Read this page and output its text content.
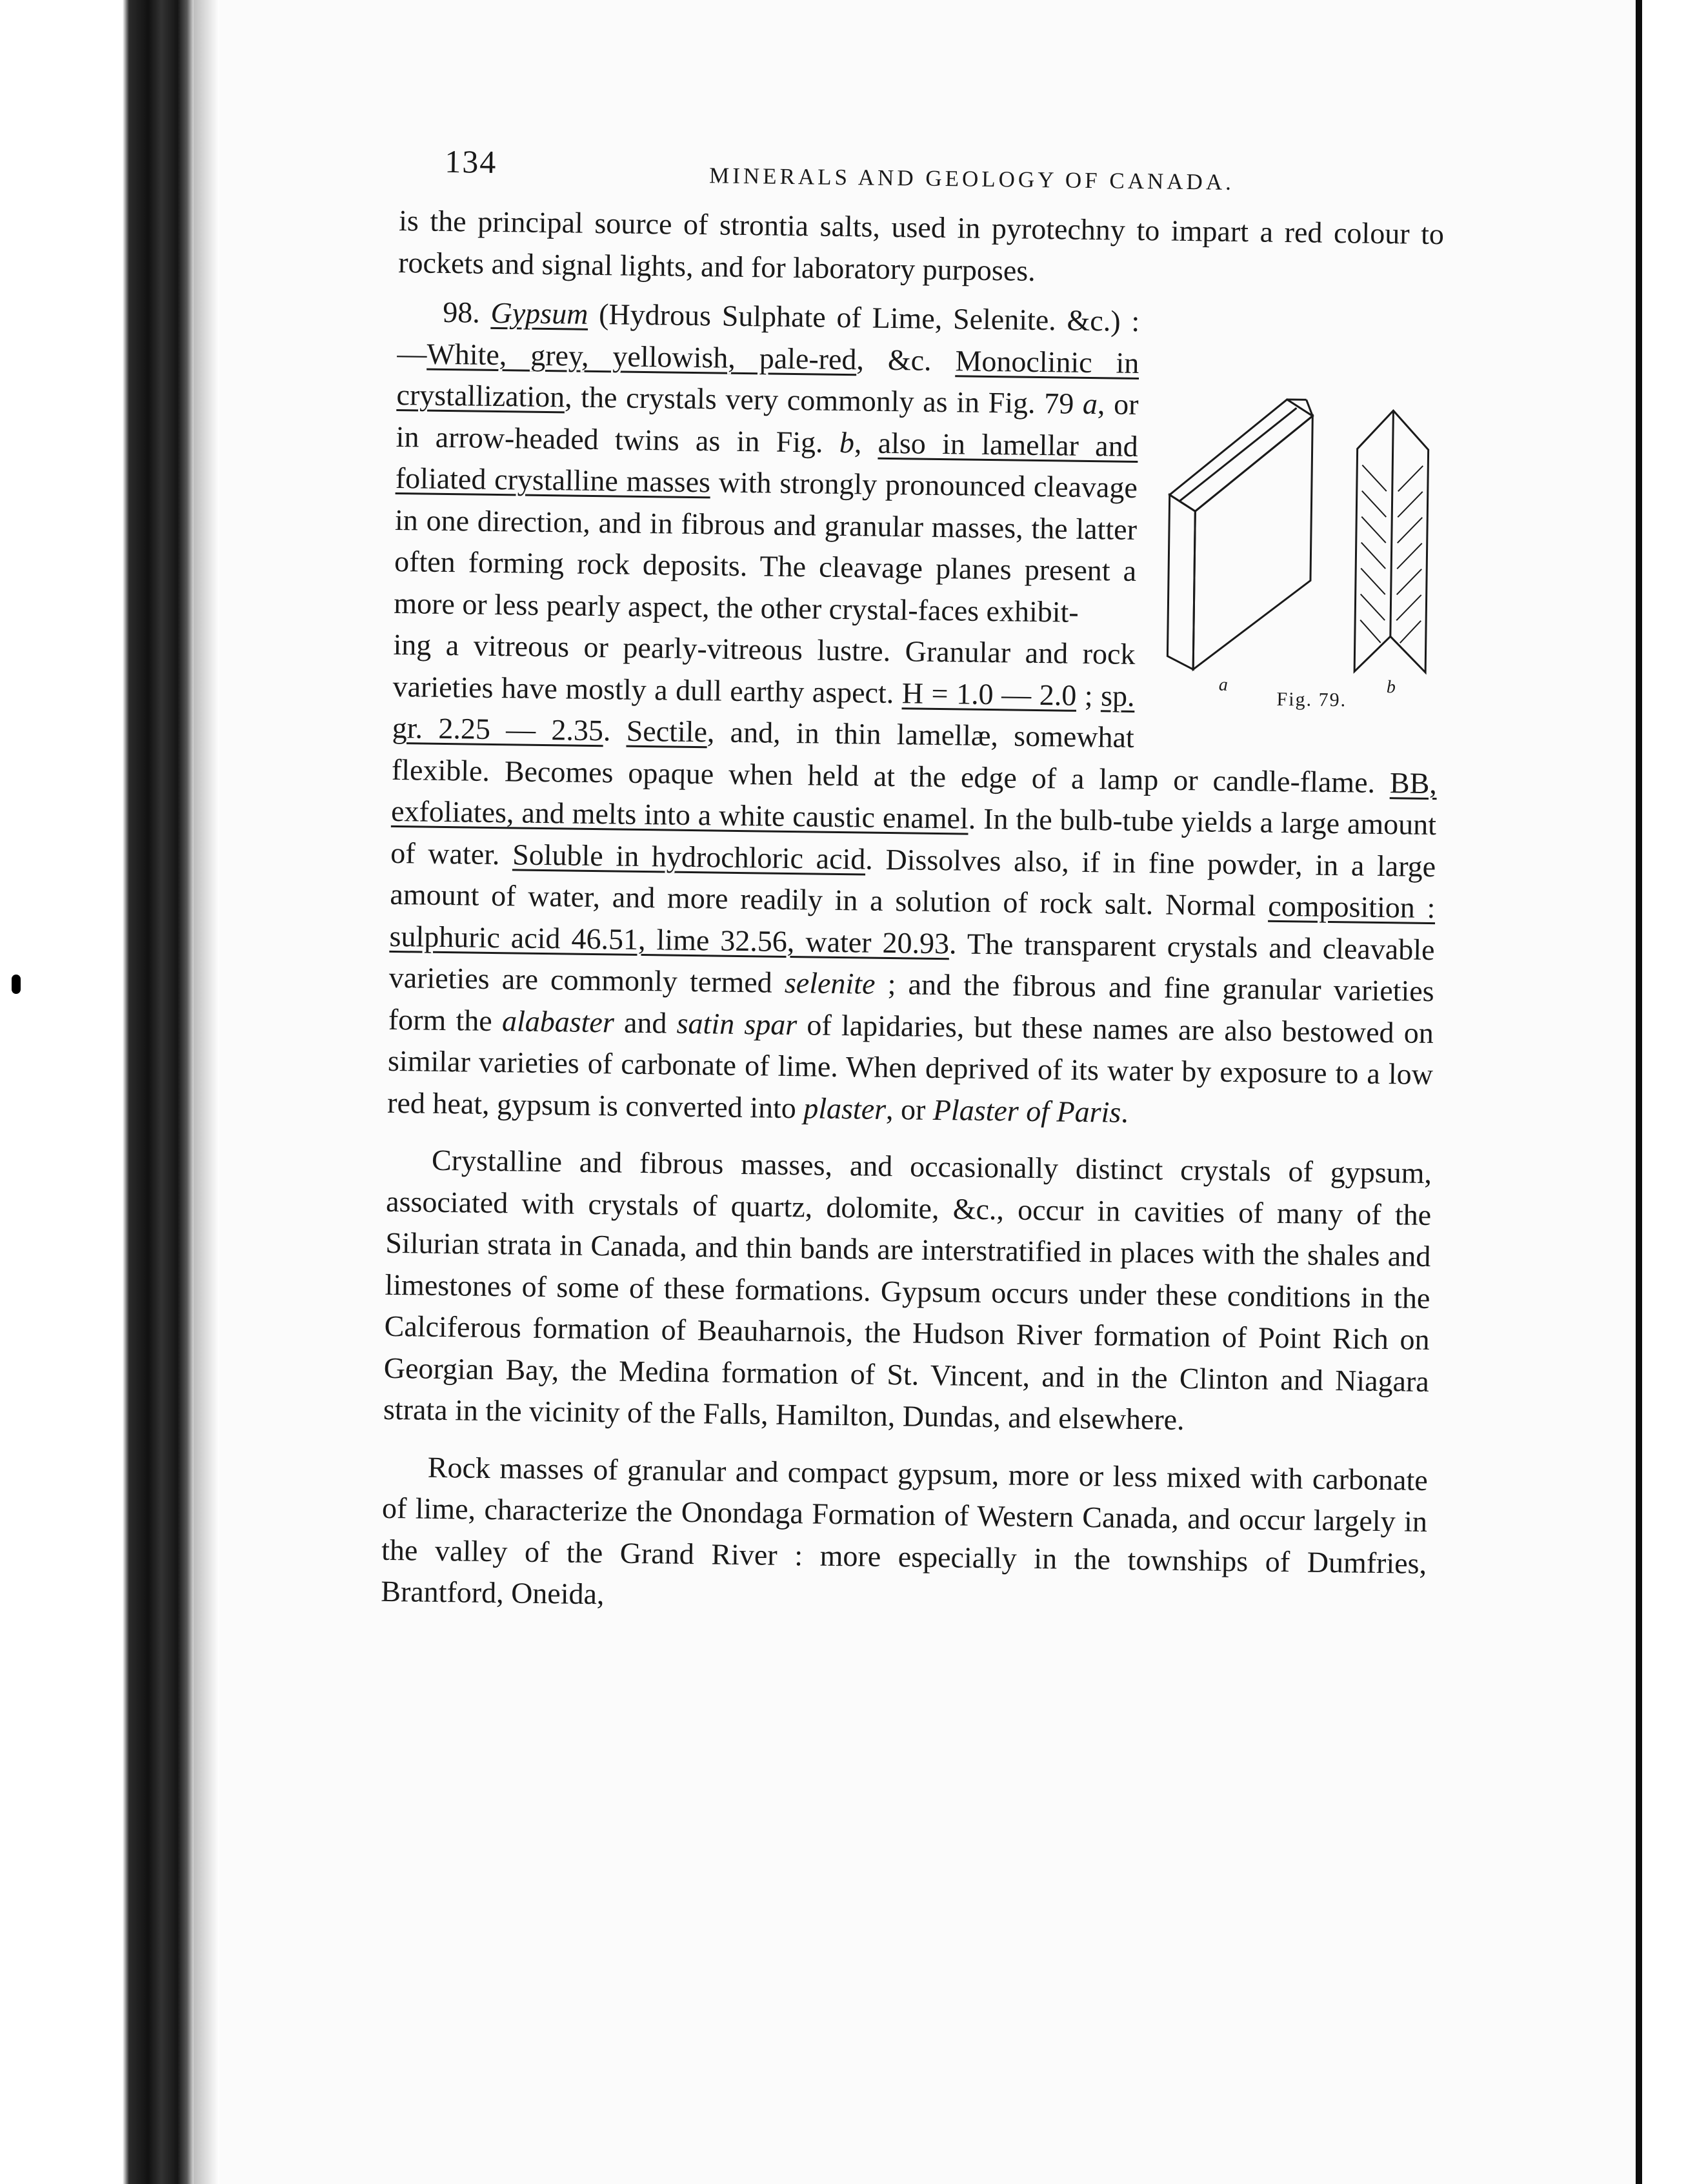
134	MINERALS AND GEOLOGY OF CANADA.

is the principal source of strontia salts, used in pyrotechny to impart a red colour to rockets and signal lights, and for laboratory purposes.

a	b
Fig. 79.

98. Gypsum (Hydrous Sulphate of Lime, Selenite. &c.) :—White, grey, yellowish, pale-red, &c. Monoclinic in crystallization, the crystals very commonly as in Fig. 79 a, or in arrow-headed twins as in Fig. b, also in lamellar and foliated crystalline masses with strongly pronounced cleavage in one direction, and in fibrous and granular masses, the latter often forming rock deposits. The cleavage planes present a more or less pearly aspect, the other crystal-faces exhibit-

ing a vitreous or pearly-vitreous lustre. Granular and rock varieties have mostly a dull earthy aspect. H = 1.0 — 2.0 ; sp. gr. 2.25 — 2.35. Sectile, and, in thin lamellæ, somewhat flexible. Becomes opaque when held at the edge of a lamp or candle-flame. BB, exfoliates, and melts into a white caustic enamel. In the bulb-tube yields a large amount of water. Soluble in hydrochloric acid. Dissolves also, if in fine powder, in a large amount of water, and more readily in a solution of rock salt. Normal composition : sulphuric acid 46.51, lime 32.56, water 20.93. The transparent crystals and cleavable varieties are commonly termed selenite ; and the fibrous and fine granular varieties form the alabaster and satin spar of lapidaries, but these names are also bestowed on similar varieties of carbonate of lime. When deprived of its water by exposure to a low red heat, gypsum is converted into plaster, or Plaster of Paris.

Crystalline and fibrous masses, and occasionally distinct crystals of gypsum, associated with crystals of quartz, dolomite, &c., occur in cavities of many of the Silurian strata in Canada, and thin bands are interstratified in places with the shales and limestones of some of these formations. Gypsum occurs under these conditions in the Calciferous formation of Beauharnois, the Hudson River formation of Point Rich on Georgian Bay, the Medina formation of St. Vincent, and in the Clinton and Niagara strata in the vicinity of the Falls, Hamilton, Dundas, and elsewhere.

Rock masses of granular and compact gypsum, more or less mixed with carbonate of lime, characterize the Onondaga Formation of Western Canada, and occur largely in the valley of the Grand River : more especially in the townships of Dumfries, Brantford, Oneida,
